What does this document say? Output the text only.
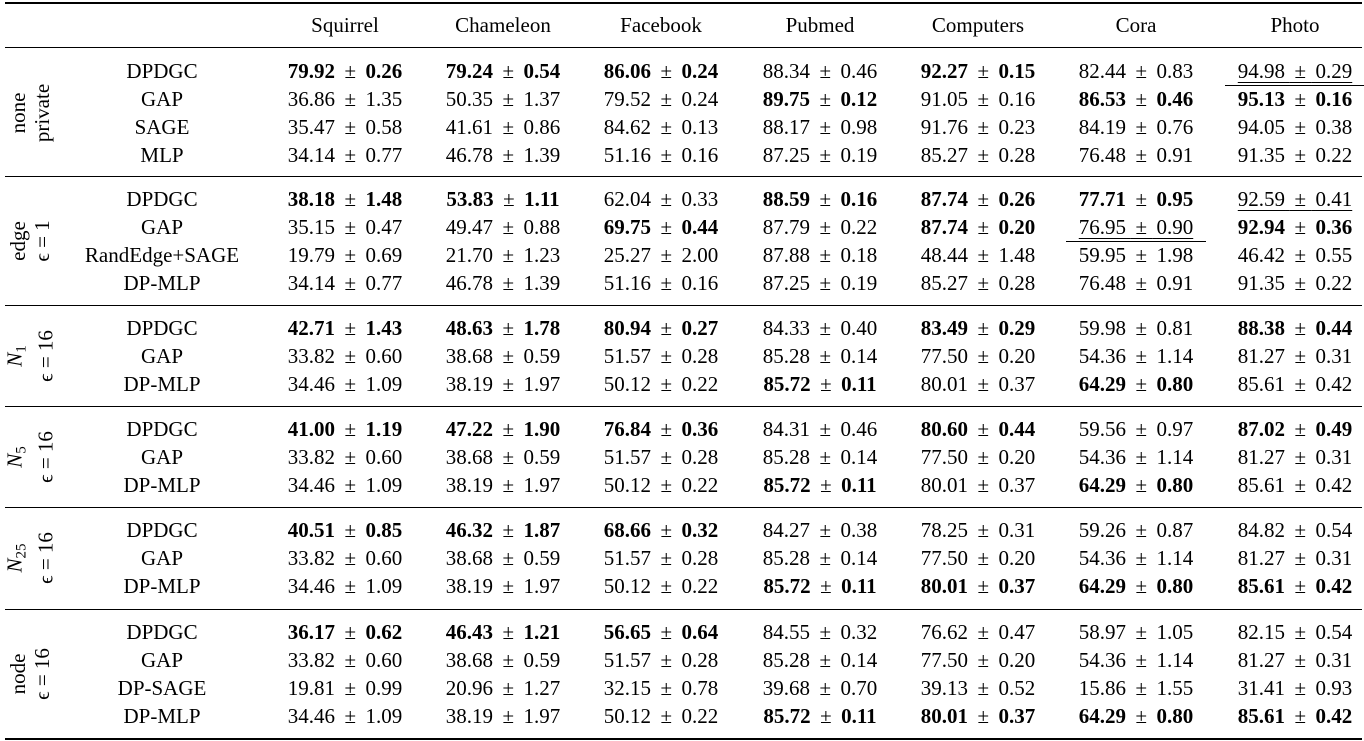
Squirrel	Chameleon	Facebook	Pubmed	Computers	Cora	Photo
none private
DPDGC	79.92  ±  0.26 79.24  ±  0.54 86.06  ±  0.24 88.34  ±  0.46 92.27  ±  0.15 82.44  ±  0.83 94.98  ±  0.29
GAP	36.86  ±  1.35 50.35  ±  1.37 79.52  ±  0.24 89.75  ±  0.12 91.05  ±  0.16 86.53  ±  0.46 95.13  ±  0.16
SAGE	35.47  ±  0.58 41.61  ±  0.86 84.62  ±  0.13 88.17  ±  0.98 91.76  ±  0.23 84.19  ±  0.76 94.05  ±  0.38
MLP	34.14  ±  0.77 46.78  ±  1.39 51.16  ±  0.16 87.25  ±  0.19 85.27  ±  0.28 76.48  ±  0.91 91.35  ±  0.22
edge ϵ = 1
DPDGC	38.18  ±  1.48 53.83  ±  1.11 62.04  ±  0.33 88.59  ±  0.16 87.74  ±  0.26 77.71  ±  0.95 92.59  ±  0.41
GAP	35.15  ±  0.47 49.47  ±  0.88 69.75  ±  0.44 87.79  ±  0.22 87.74  ±  0.20 76.95  ±  0.90 92.94  ±  0.36
RandEdge+SAGE 19.79  ±  0.69 21.70  ±  1.23 25.27  ±  2.00 87.88  ±  0.18 48.44  ±  1.48 59.95  ±  1.98 46.42  ±  0.55
DP-MLP	34.14  ±  0.77 46.78  ±  1.39 51.16  ±  0.16 87.25  ±  0.19 85.27  ±  0.28 76.48  ±  0.91 91.35  ±  0.22
$N_1$ ϵ = 16
DPDGC	42.71  ±  1.43 48.63  ±  1.78 80.94  ±  0.27 84.33  ±  0.40 83.49  ±  0.29 59.98  ±  0.81 88.38  ±  0.44
GAP	33.82  ±  0.60 38.68  ±  0.59 51.57  ±  0.28 85.28  ±  0.14 77.50  ±  0.20 54.36  ±  1.14 81.27  ±  0.31
DP-MLP	34.46  ±  1.09 38.19  ±  1.97 50.12  ±  0.22 85.72  ±  0.11 80.01  ±  0.37 64.29  ±  0.80 85.61  ±  0.42
$N_5$ ϵ = 16
DPDGC	41.00  ±  1.19 47.22  ±  1.90 76.84  ±  0.36 84.31  ±  0.46 80.60  ±  0.44 59.56  ±  0.97 87.02  ±  0.49
GAP	33.82  ±  0.60 38.68  ±  0.59 51.57  ±  0.28 85.28  ±  0.14 77.50  ±  0.20 54.36  ±  1.14 81.27  ±  0.31
DP-MLP	34.46  ±  1.09 38.19  ±  1.97 50.12  ±  0.22 85.72  ±  0.11 80.01  ±  0.37 64.29  ±  0.80 85.61  ±  0.42
$N_{25}$ ϵ = 16
DPDGC	40.51  ±  0.85 46.32  ±  1.87 68.66  ±  0.32 84.27  ±  0.38 78.25  ±  0.31 59.26  ±  0.87 84.82  ±  0.54
GAP	33.82  ±  0.60 38.68  ±  0.59 51.57  ±  0.28 85.28  ±  0.14 77.50  ±  0.20 54.36  ±  1.14 81.27  ±  0.31
DP-MLP	34.46  ±  1.09 38.19  ±  1.97 50.12  ±  0.22 85.72  ±  0.11 80.01  ±  0.37 64.29  ±  0.80 85.61  ±  0.42
node ϵ = 16
DPDGC	36.17  ±  0.62 46.43  ±  1.21 56.65  ±  0.64 84.55  ±  0.32 76.62  ±  0.47 58.97  ±  1.05 82.15  ±  0.54
GAP	33.82  ±  0.60 38.68  ±  0.59 51.57  ±  0.28 85.28  ±  0.14 77.50  ±  0.20 54.36  ±  1.14 81.27  ±  0.31
DP-SAGE	19.81  ±  0.99 20.96  ±  1.27 32.15  ±  0.78 39.68  ±  0.70 39.13  ±  0.52 15.86  ±  1.55 31.41  ±  0.93
DP-MLP	34.46  ±  1.09 38.19  ±  1.97 50.12  ±  0.22 85.72  ±  0.11 80.01  ±  0.37 64.29  ±  0.80 85.61  ±  0.42
